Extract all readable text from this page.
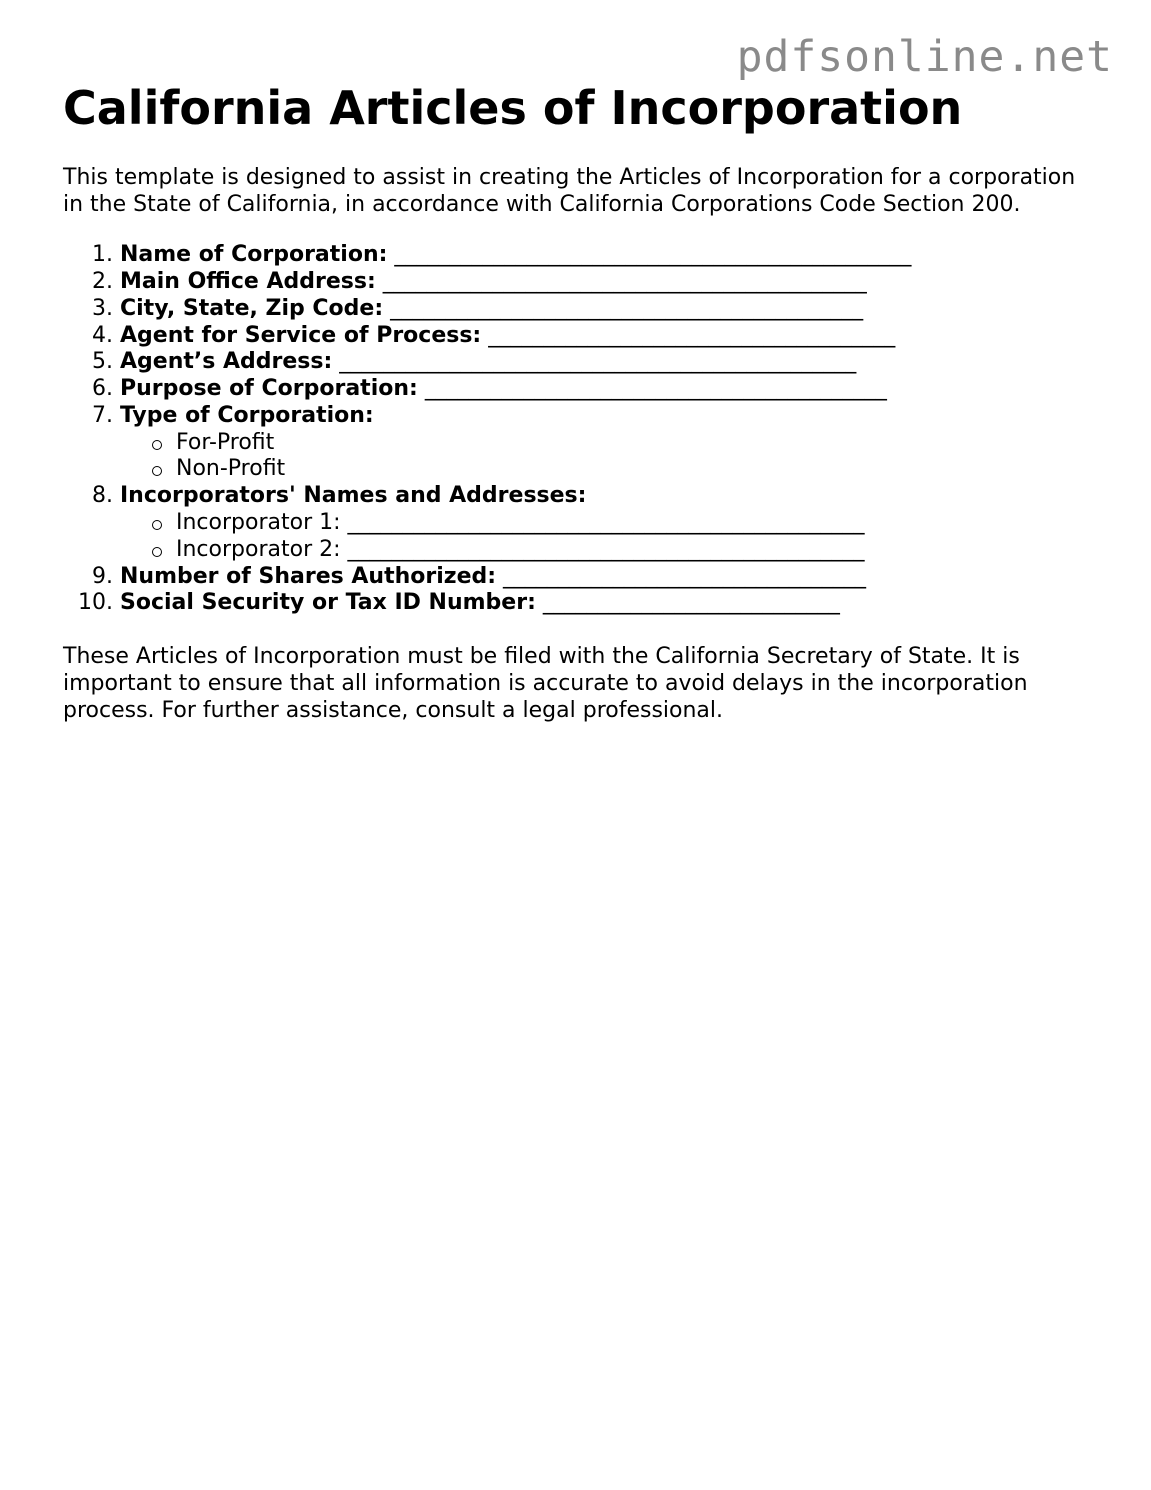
pdfsonline.net
California Articles of Incorporation

This template is designed to assist in creating the Articles of Incorporation for a corporation in the State of California, in accordance with California Corporations Code Section 200.

1. Name of Corporation: _______________________________________________
2. Main Office Address: ____________________________________________
3. City, State, Zip Code: ___________________________________________
4. Agent for Service of Process: _____________________________________
5. Agent’s Address: _______________________________________________
6. Purpose of Corporation: __________________________________________
7. Type of Corporation:
For-Profit
Non-Profit
8. Incorporators' Names and Addresses:
Incorporator 1: _______________________________________________
Incorporator 2: _______________________________________________
9. Number of Shares Authorized: _________________________________
10. Social Security or Tax ID Number: ___________________________

These Articles of Incorporation must be filed with the California Secretary of State. It is important to ensure that all information is accurate to avoid delays in the incorporation process. For further assistance, consult a legal professional.
